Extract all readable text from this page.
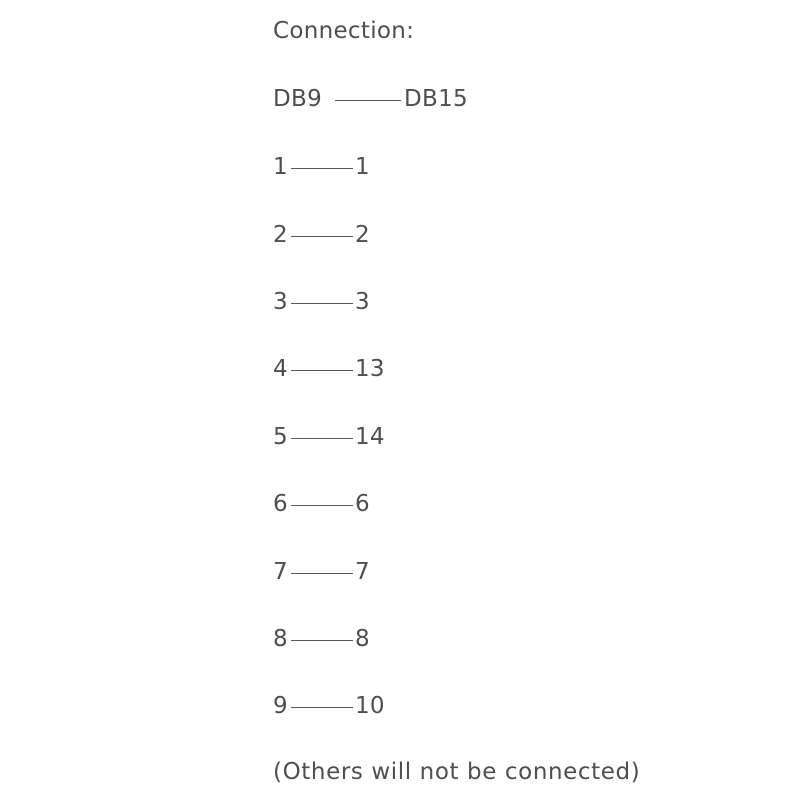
Connection:
DB9	DB15
1	1
2	2
3	3
4	13
5	14
6	6
7	7
8	8
9	10
(Others will not be connected)
